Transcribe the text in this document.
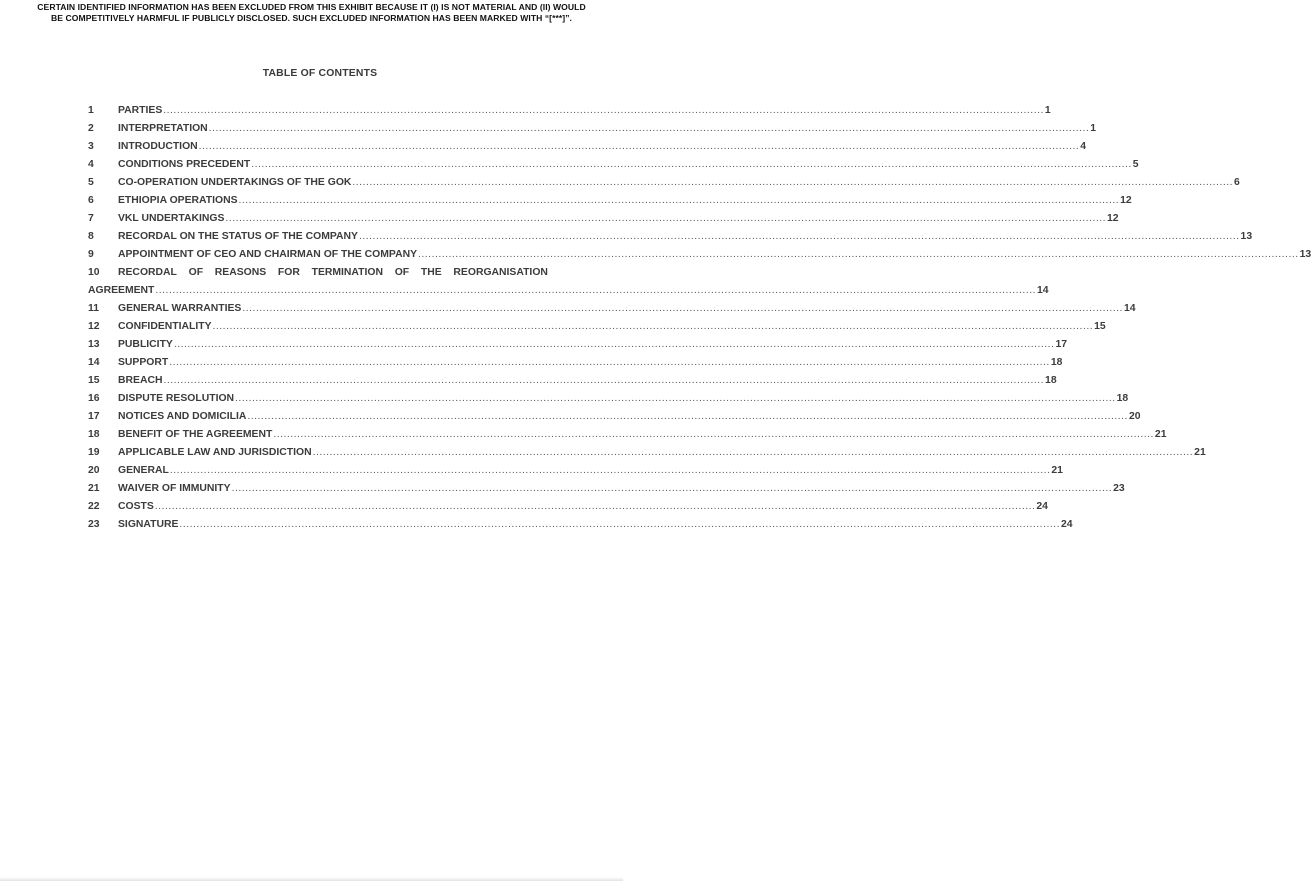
CERTAIN IDENTIFIED INFORMATION HAS BEEN EXCLUDED FROM THIS EXHIBIT BECAUSE IT (I) IS NOT MATERIAL AND (II) WOULD
BE COMPETITIVELY HARMFUL IF PUBLICLY DISCLOSED. SUCH EXCLUDED INFORMATION HAS BEEN MARKED WITH “[***]”.
TABLE OF CONTENTS
1	PARTIES .................................................................................................................................................................................................................................................................... 1
2	INTERPRETATION .................................................................................................................................................................................................................................................................... 1
3	INTRODUCTION .................................................................................................................................................................................................................................................................... 4
4	CONDITIONS PRECEDENT .................................................................................................................................................................................................................................................................... 5
5	CO-OPERATION UNDERTAKINGS OF THE GOK .................................................................................................................................................................................................................................................................... 6
6	ETHIOPIA OPERATIONS .................................................................................................................................................................................................................................................................... 12
7	VKL UNDERTAKINGS .................................................................................................................................................................................................................................................................... 12
8	RECORDAL ON THE STATUS OF THE COMPANY .................................................................................................................................................................................................................................................................... 13
9	APPOINTMENT OF CEO AND CHAIRMAN OF THE COMPANY .................................................................................................................................................................................................................................................................... 13
10	RECORDAL OF REASONS FOR TERMINATION OF THE REORGANISATION
AGREEMENT .................................................................................................................................................................................................................................................................... 14
11	GENERAL WARRANTIES .................................................................................................................................................................................................................................................................... 14
12	CONFIDENTIALITY .................................................................................................................................................................................................................................................................... 15
13	PUBLICITY .................................................................................................................................................................................................................................................................... 17
14	SUPPORT .................................................................................................................................................................................................................................................................... 18
15	BREACH .................................................................................................................................................................................................................................................................... 18
16	DISPUTE RESOLUTION .................................................................................................................................................................................................................................................................... 18
17	NOTICES AND DOMICILIA .................................................................................................................................................................................................................................................................... 20
18	BENEFIT OF THE AGREEMENT .................................................................................................................................................................................................................................................................... 21
19	APPLICABLE LAW AND JURISDICTION .................................................................................................................................................................................................................................................................... 21
20	GENERAL .................................................................................................................................................................................................................................................................... 21
21	WAIVER OF IMMUNITY .................................................................................................................................................................................................................................................................... 23
22	COSTS .................................................................................................................................................................................................................................................................... 24
23	SIGNATURE .................................................................................................................................................................................................................................................................... 24
